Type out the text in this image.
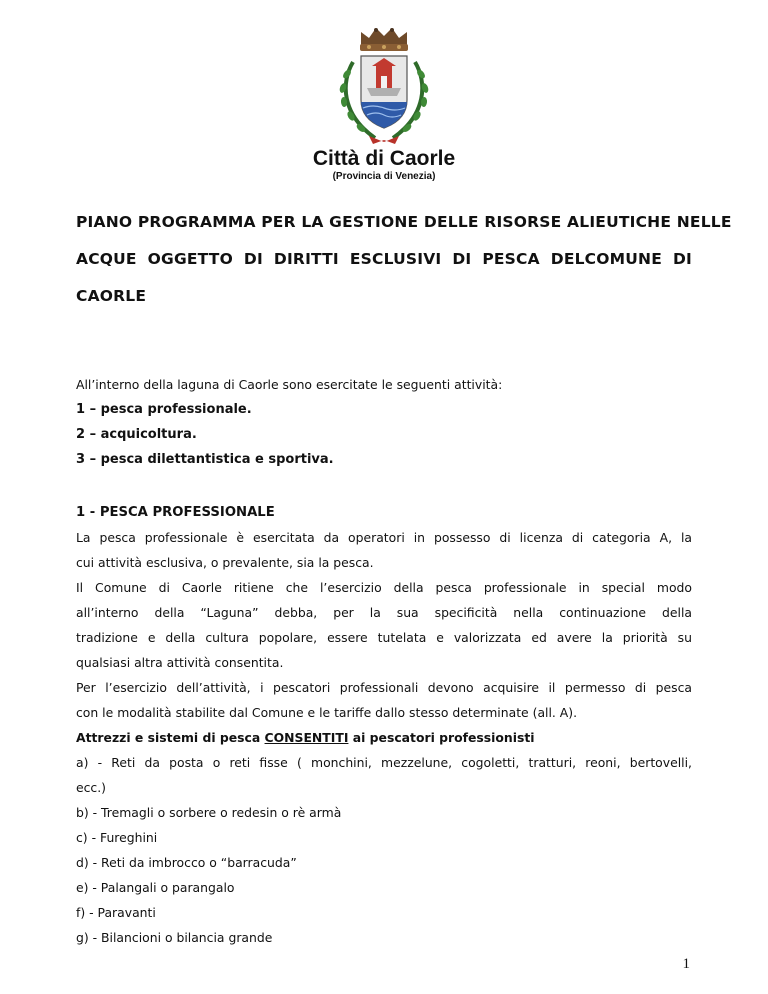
Città di Caorle
(Provincia di Venezia)
PIANO PROGRAMMA PER LA GESTIONE DELLE RISORSE ALIEUTICHE NELLE
ACQUE OGGETTO DI DIRITTI ESCLUSIVI DI PESCA DELCOMUNE DI
CAORLE
All’interno della laguna di Caorle sono esercitate le seguenti attività:
1 – pesca professionale.
2 – acquicoltura.
3 – pesca dilettantistica e sportiva.
1 - PESCA PROFESSIONALE
La pesca professionale è esercitata da operatori in possesso di licenza di categoria A, la
cui attività esclusiva, o prevalente, sia la pesca.
Il Comune di Caorle ritiene che l’esercizio della pesca professionale in special modo
all’interno della “Laguna” debba, per la sua specificità nella continuazione della
tradizione e della cultura popolare, essere tutelata e valorizzata ed avere la priorità su
qualsiasi altra attività consentita.
Per l’esercizio dell’attività, i pescatori professionali devono acquisire il permesso di pesca
con le modalità stabilite dal Comune e le tariffe dallo stesso determinate (all. A).
Attrezzi e sistemi di pesca CONSENTITI ai pescatori professionisti
a) - Reti da posta o reti fisse ( monchini, mezzelune, cogoletti, tratturi, reoni, bertovelli,
ecc.)
b) - Tremagli o sorbere o redesin o rè armà
c) - Fureghini
d) - Reti da imbrocco o “barracuda”
e) - Palangali o parangalo
f) - Paravanti
g) - Bilancioni o bilancia grande
1
